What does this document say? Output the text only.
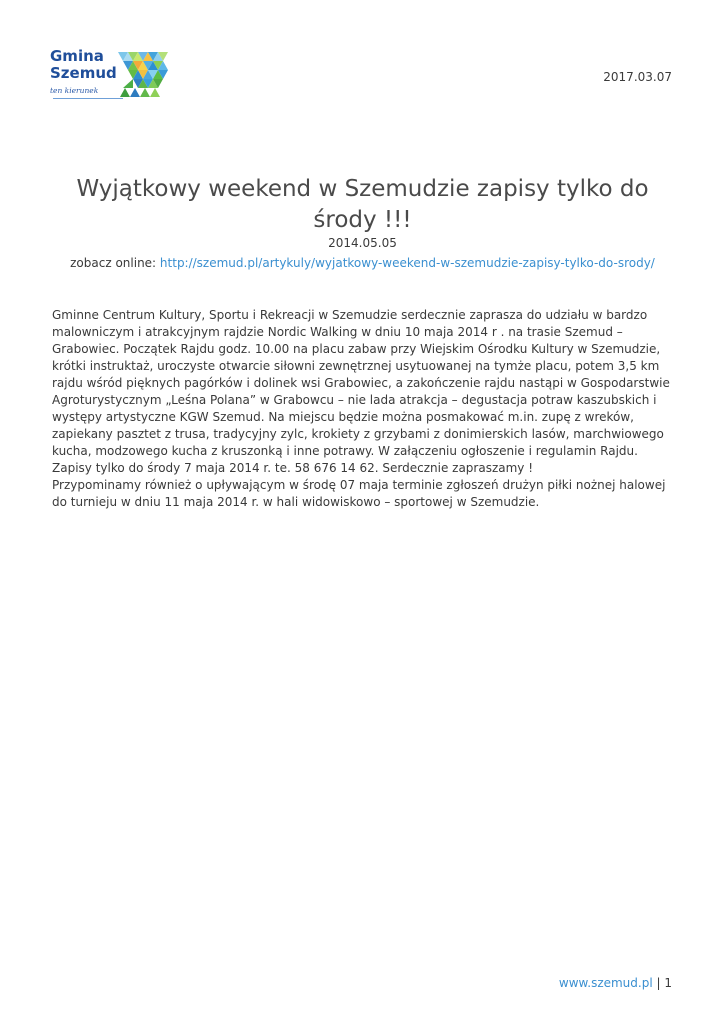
Gmina
Szemud
ten kierunek
2017.03.07
Wyjątkowy weekend w Szemudzie zapisy tylko do środy !!!
2014.05.05
zobacz online: http://szemud.pl/artykuly/wyjatkowy-weekend-w-szemudzie-zapisy-tylko-do-srody/

Gminne Centrum Kultury, Sportu i Rekreacji w Szemudzie serdecznie zaprasza do udziału w bardzo malowniczym i atrakcyjnym rajdzie Nordic Walking w dniu 10 maja 2014 r . na trasie Szemud – Grabowiec. Początek Rajdu godz. 10.00 na placu zabaw przy Wiejskim Ośrodku Kultury w Szemudzie, krótki instruktaż, uroczyste otwarcie siłowni zewnętrznej usytuowanej na tymże placu, potem 3,5 km rajdu wśród pięknych pagórków i dolinek wsi Grabowiec, a zakończenie rajdu nastąpi w Gospodarstwie Agroturystycznym „Leśna Polana” w Grabowcu – nie lada atrakcja – degustacja potraw kaszubskich i występy artystyczne KGW Szemud. Na miejscu będzie można posmakować m.in. zupę z wreków, zapiekany pasztet z trusa, tradycyjny zylc, krokiety z grzybami z donimierskich lasów, marchwiowego kucha, modzowego kucha z kruszonką i inne potrawy. W załączeniu ogłoszenie i regulamin Rajdu.

Zapisy tylko do środy 7 maja 2014 r. te. 58 676 14 62. Serdecznie zapraszamy !

Przypominamy również o upływającym w środę 07 maja terminie zgłoszeń drużyn piłki nożnej halowej do turnieju w dniu 11 maja 2014 r. w hali widowiskowo – sportowej w Szemudzie.

www.szemud.pl | 1
